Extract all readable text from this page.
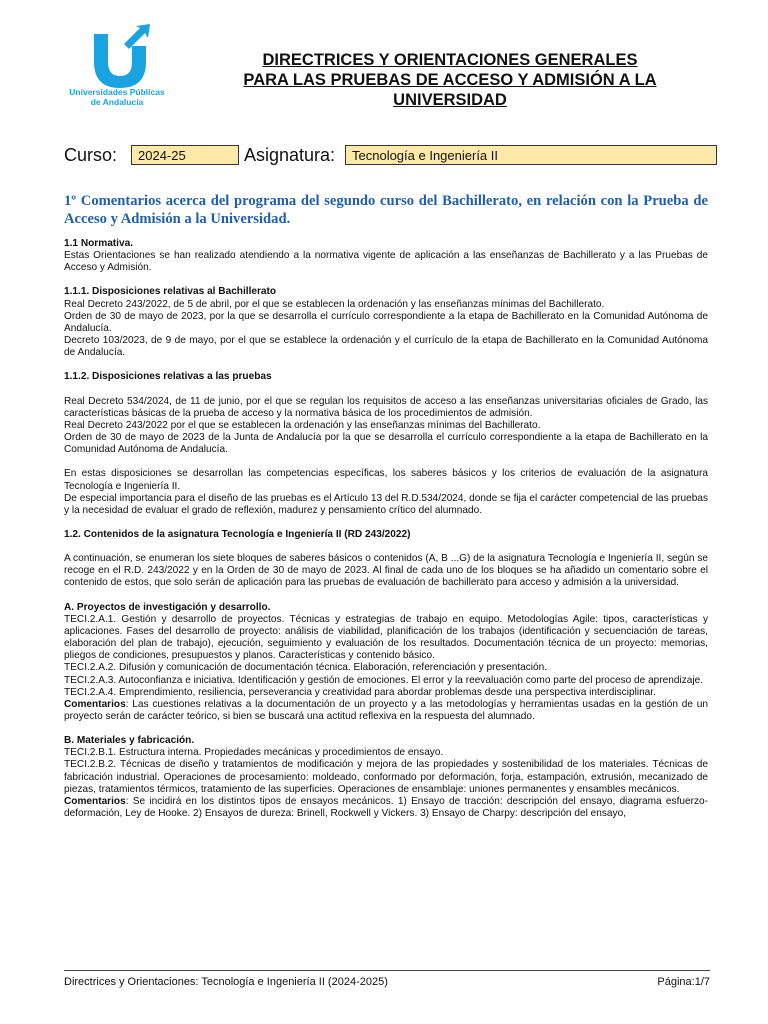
Universidades Públicas
de Andalucía
DIRECTRICES Y ORIENTACIONES GENERALES
PARA LAS PRUEBAS DE ACCESO Y ADMISIÓN A LA
UNIVERSIDAD
Curso:	2024-25	Asignatura:	Tecnología e Ingeniería II
1º Comentarios acerca del programa del segundo curso del Bachillerato, en relación con la Prueba de Acceso y Admisión a la Universidad.

1.1 Normativa.

Estas Orientaciones se han realizado atendiendo a la normativa vigente de aplicación a las enseñanzas de Bachillerato y a las Pruebas de Acceso y Admisión.

1.1.1. Disposiciones relativas al Bachillerato

Real Decreto 243/2022, de 5 de abril, por el que se establecen la ordenación y las enseñanzas mínimas del Bachillerato.

Orden de 30 de mayo de 2023, por la que se desarrolla el currículo correspondiente a la etapa de Bachillerato en la Comunidad Autónoma de Andalucía.

Decreto 103/2023, de 9 de mayo, por el que se establece la ordenación y el currículo de la etapa de Bachillerato en la Comunidad Autónoma de Andalucía.

1.1.2. Disposiciones relativas a las pruebas

Real Decreto 534/2024, de 11 de junio, por el que se regulan los requisitos de acceso a las enseñanzas universitarias oficiales de Grado, las características básicas de la prueba de acceso y la normativa básica de los procedimientos de admisión.

Real Decreto 243/2022 por el que se establecen la ordenación y las enseñanzas mínimas del Bachillerato.

Orden de 30 de mayo de 2023 de la Junta de Andalucía por la que se desarrolla el currículo correspondiente a la etapa de Bachillerato en la Comunidad Autónoma de Andalucía.

En estas disposiciones se desarrollan las competencias específicas, los saberes básicos y los criterios de evaluación de la asignatura Tecnología e Ingeniería II.

De especial importancia para el diseño de las pruebas es el Artículo 13 del R.D.534/2024, donde se fija el carácter competencial de las pruebas y la necesidad de evaluar el grado de reflexión, madurez y pensamiento crítico del alumnado.

1.2. Contenidos de la asignatura Tecnología e Ingeniería II (RD 243/2022)

A continuación, se enumeran los siete bloques de saberes básicos o contenidos (A, B ...G) de la asignatura Tecnología e Ingeniería II, según se recoge en el R.D. 243/2022 y en la Orden de 30 de mayo de 2023. Al final de cada uno de los bloques se ha añadido un comentario sobre el contenido de estos, que solo serán de aplicación para las pruebas de evaluación de bachillerato para acceso y admisión a la universidad.

A. Proyectos de investigación y desarrollo.

TECI.2.A.1. Gestión y desarrollo de proyectos. Técnicas y estrategias de trabajo en equipo. Metodologías Agile: tipos, características y aplicaciones. Fases del desarrollo de proyecto: análisis de viabilidad, planificación de los trabajos (identificación y secuenciación de tareas, elaboración del plan de trabajo), ejecución, seguimiento y evaluación de los resultados. Documentación técnica de un proyecto: memorias, pliegos de condiciones, presupuestos y planos. Características y contenido básico.

TECI.2.A.2. Difusión y comunicación de documentación técnica. Elaboración, referenciación y presentación.

TECI.2.A.3. Autoconfianza e iniciativa. Identificación y gestión de emociones. El error y la reevaluación como parte del proceso de aprendizaje.

TECI.2.A.4. Emprendimiento, resiliencia, perseverancia y creatividad para abordar problemas desde una perspectiva interdisciplinar.

Comentarios: Las cuestiones relativas a la documentación de un proyecto y a las metodologías y herramientas usadas en la gestión de un proyecto serán de carácter teórico, si bien se buscará una actitud reflexiva en la respuesta del alumnado.

B. Materiales y fabricación.

TECI.2.B.1. Estructura interna. Propiedades mecánicas y procedimientos de ensayo.

TECI.2.B.2. Técnicas de diseño y tratamientos de modificación y mejora de las propiedades y sostenibilidad de los materiales. Técnicas de fabricación industrial. Operaciones de procesamiento: moldeado, conformado por deformación, forja, estampación, extrusión, mecanizado de piezas, tratamientos térmicos, tratamiento de las superficies. Operaciones de ensamblaje: uniones permanentes y ensambles mecánicos.

Comentarios: Se incidirá en los distintos tipos de ensayos mecánicos. 1) Ensayo de tracción: descripción del ensayo, diagrama esfuerzo-deformación, Ley de Hooke. 2) Ensayos de dureza: Brinell, Rockwell y Vickers. 3) Ensayo de Charpy: descripción del ensayo,

Directrices y Orientaciones: Tecnología e Ingeniería II (2024-2025)	Página:1/7
